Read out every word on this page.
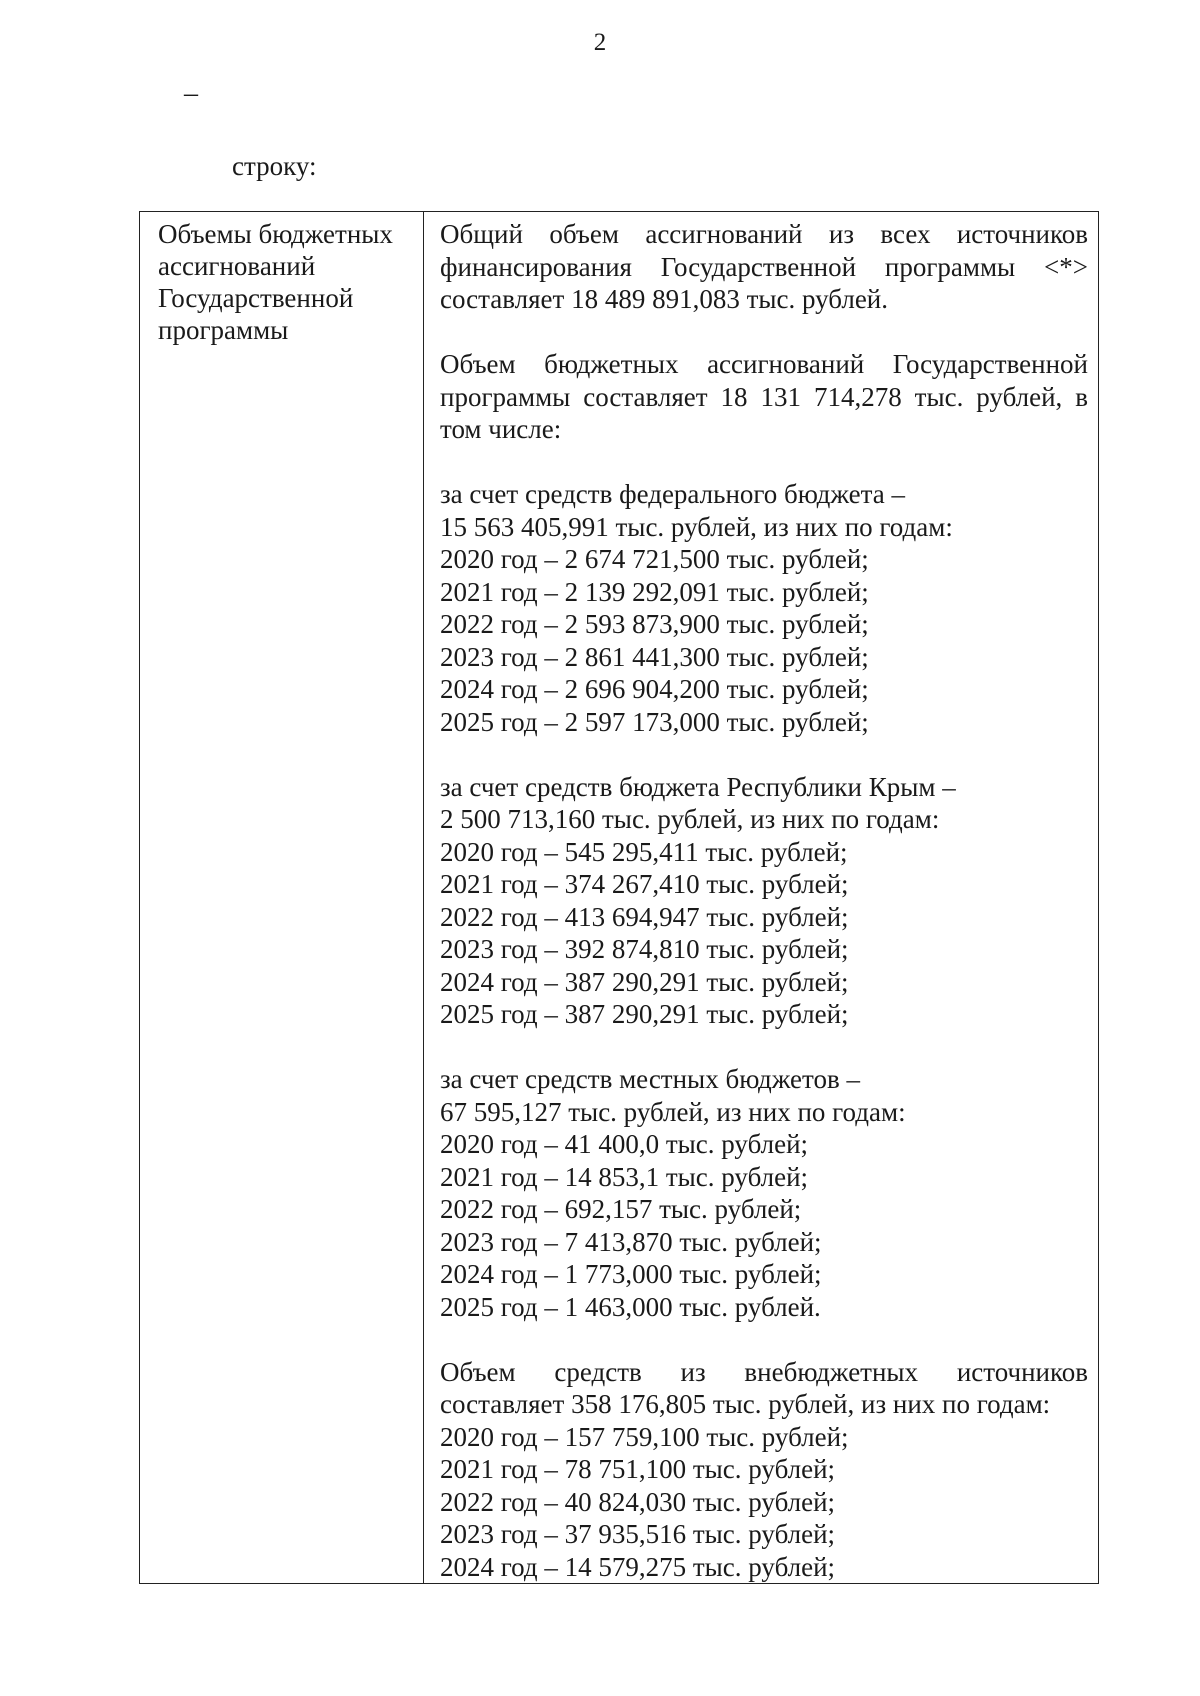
2
–
строку:
Объемы бюджетных
ассигнований
Государственной
программы

Общий объем ассигнований из всех источников финансирования Государственной программы <*> составляет 18 489 891,083 тыс. рублей.

Объем бюджетных ассигнований Государственной программы составляет 18 131 714,278 тыс. рублей, в том числе:

за счет средств федерального бюджета –
15 563 405,991 тыс. рублей, из них по годам:
2020 год – 2 674 721,500 тыс. рублей;
2021 год – 2 139 292,091 тыс. рублей;
2022 год – 2 593 873,900 тыс. рублей;
2023 год – 2 861 441,300 тыс. рублей;
2024 год – 2 696 904,200 тыс. рублей;
2025 год – 2 597 173,000 тыс. рублей;
за счет средств бюджета Республики Крым –
2 500 713,160 тыс. рублей, из них по годам:
2020 год – 545 295,411 тыс. рублей;
2021 год – 374 267,410 тыс. рублей;
2022 год – 413 694,947 тыс. рублей;
2023 год – 392 874,810 тыс. рублей;
2024 год – 387 290,291 тыс. рублей;
2025 год – 387 290,291 тыс. рублей;
за счет средств местных бюджетов –
67 595,127 тыс. рублей, из них по годам:
2020 год – 41 400,0 тыс. рублей;
2021 год – 14 853,1 тыс. рублей;
2022 год – 692,157 тыс. рублей;
2023 год – 7 413,870 тыс. рублей;
2024 год – 1 773,000 тыс. рублей;
2025 год – 1 463,000 тыс. рублей.
Объем средств из внебюджетных источников
составляет 358 176,805 тыс. рублей, из них по годам:
2020 год – 157 759,100 тыс. рублей;
2021 год – 78 751,100 тыс. рублей;
2022 год – 40 824,030 тыс. рублей;
2023 год – 37 935,516 тыс. рублей;
2024 год – 14 579,275 тыс. рублей;
